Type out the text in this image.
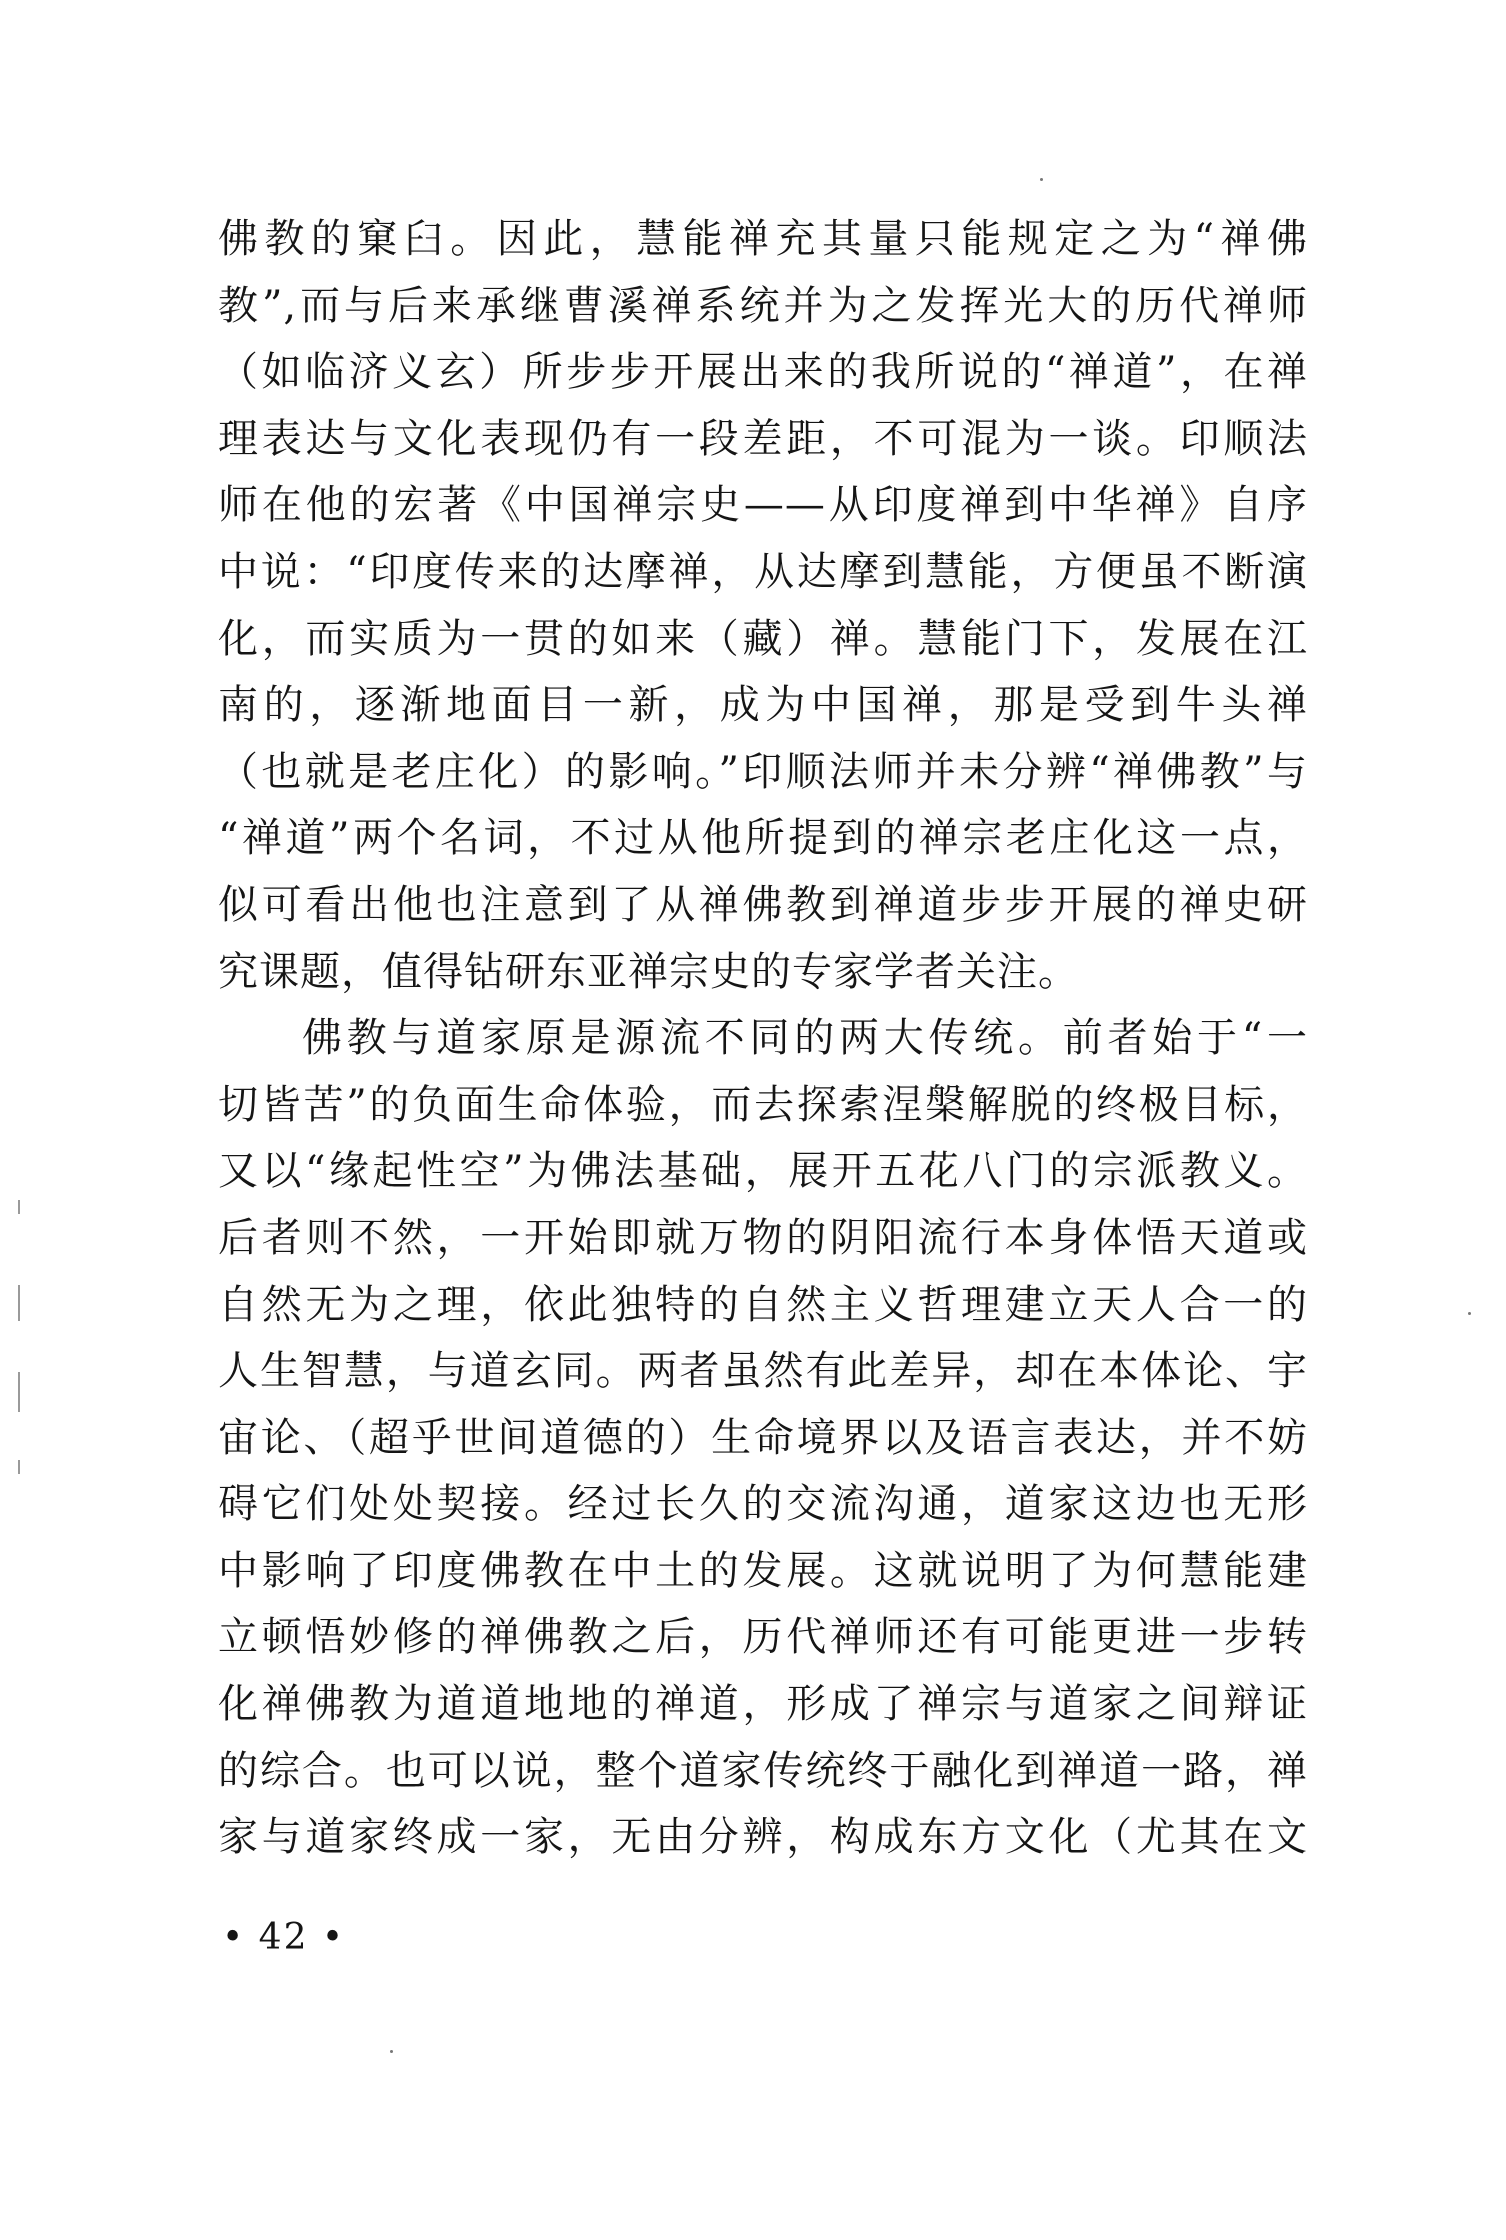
佛教的窠臼。因此，慧能禅充其量只能规定之为“禅佛
教”,而与后来承继曹溪禅系统并为之发挥光大的历代禅师
（如临济义玄）所步步开展出来的我所说的“禅道”，在禅
理表达与文化表现仍有一段差距，不可混为一谈。印顺法
师在他的宏著《中国禅宗史——从印度禅到中华禅》自序
中说：“印度传来的达摩禅，从达摩到慧能，方便虽不断演
化，而实质为一贯的如来（藏）禅。慧能门下，发展在江
南的，逐渐地面目一新，成为中国禅，那是受到牛头禅
（也就是老庄化）的影响。”印顺法师并未分辨“禅佛教”与
“禅道”两个名词，不过从他所提到的禅宗老庄化这一点，
似可看出他也注意到了从禅佛教到禅道步步开展的禅史研
究课题，值得钻研东亚禅宗史的专家学者关注。
佛教与道家原是源流不同的两大传统。前者始于“一
切皆苦”的负面生命体验，而去探索涅槃解脱的终极目标，
又以“缘起性空”为佛法基础，展开五花八门的宗派教义。
后者则不然，一开始即就万物的阴阳流行本身体悟天道或
自然无为之理，依此独特的自然主义哲理建立天人合一的
人生智慧，与道玄同。两者虽然有此差异，却在本体论、宇
宙论、（超乎世间道德的）生命境界以及语言表达，并不妨
碍它们处处契接。经过长久的交流沟通，道家这边也无形
中影响了印度佛教在中土的发展。这就说明了为何慧能建
立顿悟妙修的禅佛教之后，历代禅师还有可能更进一步转
化禅佛教为道道地地的禅道，形成了禅宗与道家之间辩证
的综合。也可以说，整个道家传统终于融化到禅道一路，禅
家与道家终成一家，无由分辨，构成东方文化（尤其在文
• 42 •
